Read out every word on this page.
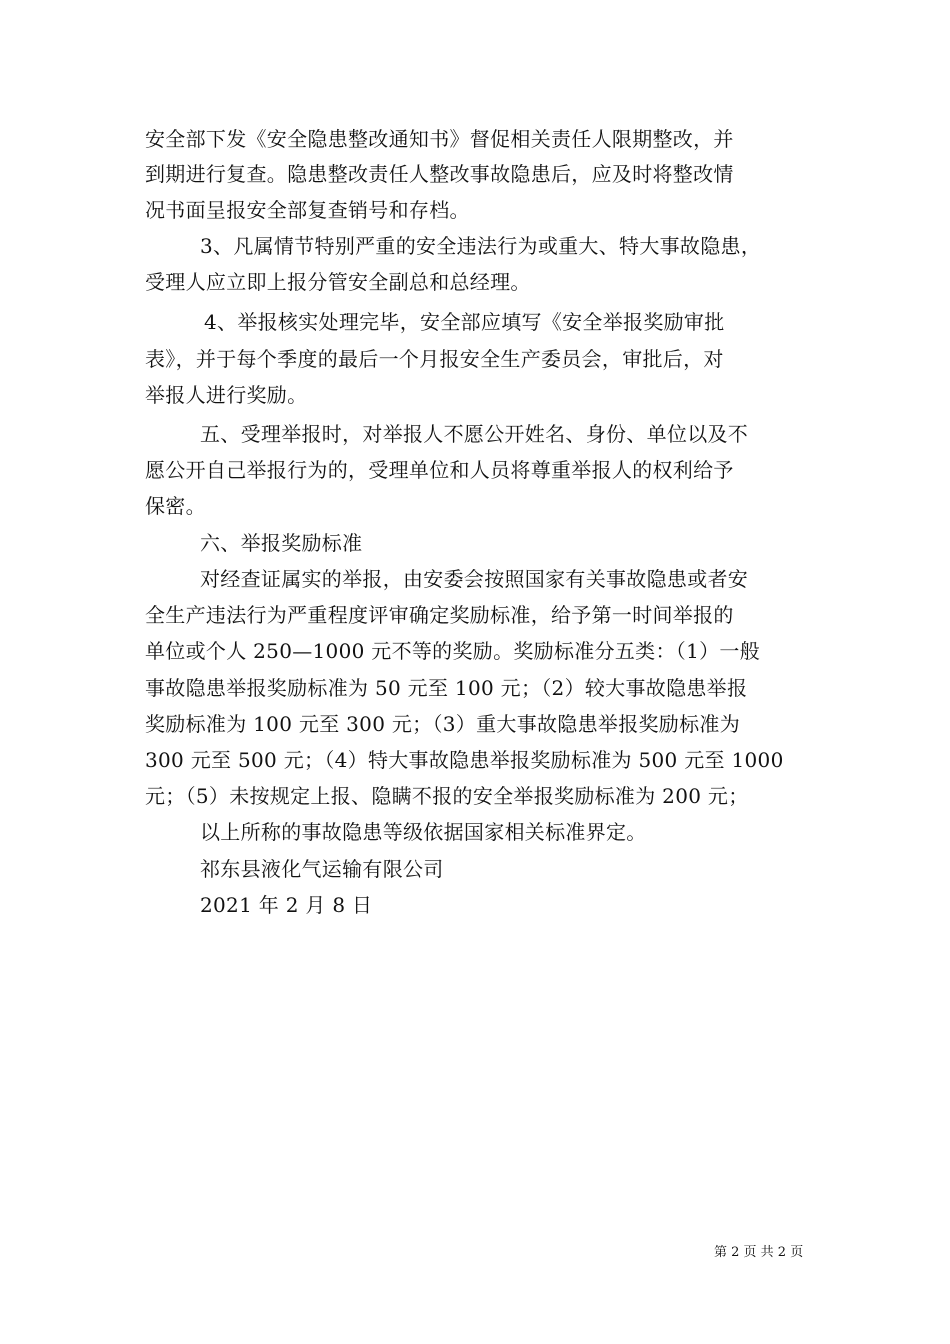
安全部下发《安全隐患整改通知书》督促相关责任人限期整改，并
到期进行复查。隐患整改责任人整改事故隐患后，应及时将整改情
况书面呈报安全部复查销号和存档。
3、凡属情节特别严重的安全违法行为或重大、特大事故隐患，
受理人应立即上报分管安全副总和总经理。
4、举报核实处理完毕，安全部应填写《安全举报奖励审批
表》，并于每个季度的最后一个月报安全生产委员会，审批后，对
举报人进行奖励。
五、受理举报时，对举报人不愿公开姓名、身份、单位以及不
愿公开自己举报行为的，受理单位和人员将尊重举报人的权利给予
保密。
六、举报奖励标准
对经查证属实的举报，由安委会按照国家有关事故隐患或者安
全生产违法行为严重程度评审确定奖励标准，给予第一时间举报的
单位或个人 250—1000 元不等的奖励。奖励标准分五类：（1）一般
事故隐患举报奖励标准为 50 元至 100 元；（2）较大事故隐患举报
奖励标准为 100 元至 300 元；（3）重大事故隐患举报奖励标准为
300 元至 500 元；（4）特大事故隐患举报奖励标准为 500 元至 1000
元；（5）未按规定上报、隐瞒不报的安全举报奖励标准为 200 元；
以上所称的事故隐患等级依据国家相关标准界定。
祁东县液化气运输有限公司
2021 年 2 月 8 日
第 2 页 共 2 页
